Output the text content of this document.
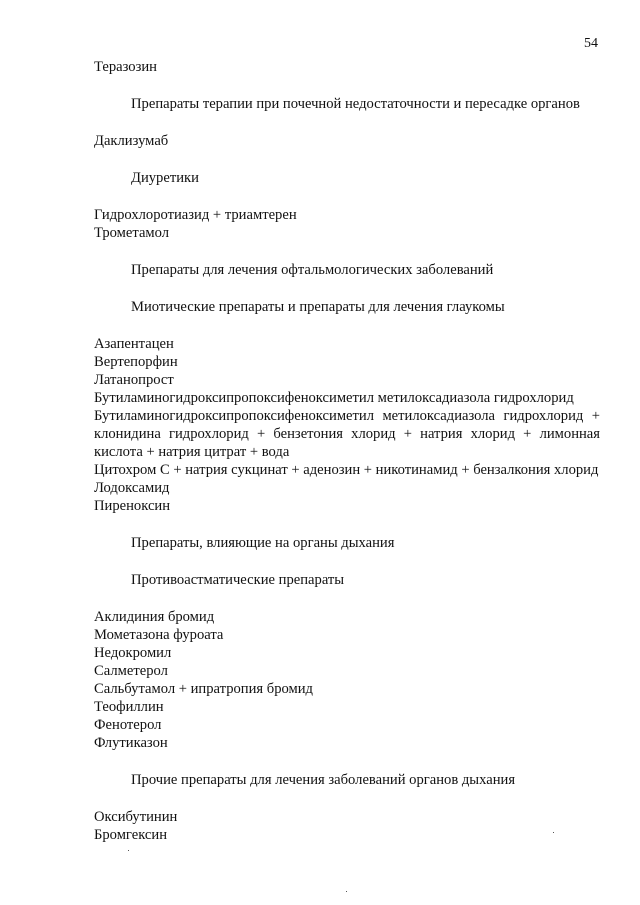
54

Теразозин

Препараты терапии при почечной недостаточности и пересадке органов

Даклизумаб

Диуретики

Гидрохлоротиазид + триамтерен

Трометамол

Препараты для лечения офтальмологических заболеваний

Миотические препараты и препараты для лечения глаукомы

Азапентацен

Вертепорфин

Латанопрост

Бутиламиногидроксипропоксифеноксиметил метилоксадиазола гидрохлорид

Бутиламиногидроксипропоксифеноксиметил метилоксадиазола гидрохлорид + клонидина гидрохлорид + бензетония хлорид + натрия хлорид + лимонная кислота + натрия цитрат + вода

Цитохром С + натрия сукцинат + аденозин + никотинамид + бензалкония хлорид

Лодоксамид

Пиреноксин

Препараты, влияющие на органы дыхания

Противоастматические препараты

Аклидиния бромид

Мометазона фуроата

Недокромил

Салметерол

Сальбутамол + ипратропия бромид

Теофиллин

Фенотерол

Флутиказон

Прочие препараты для лечения заболеваний органов дыхания

Оксибутинин

Бромгексин
